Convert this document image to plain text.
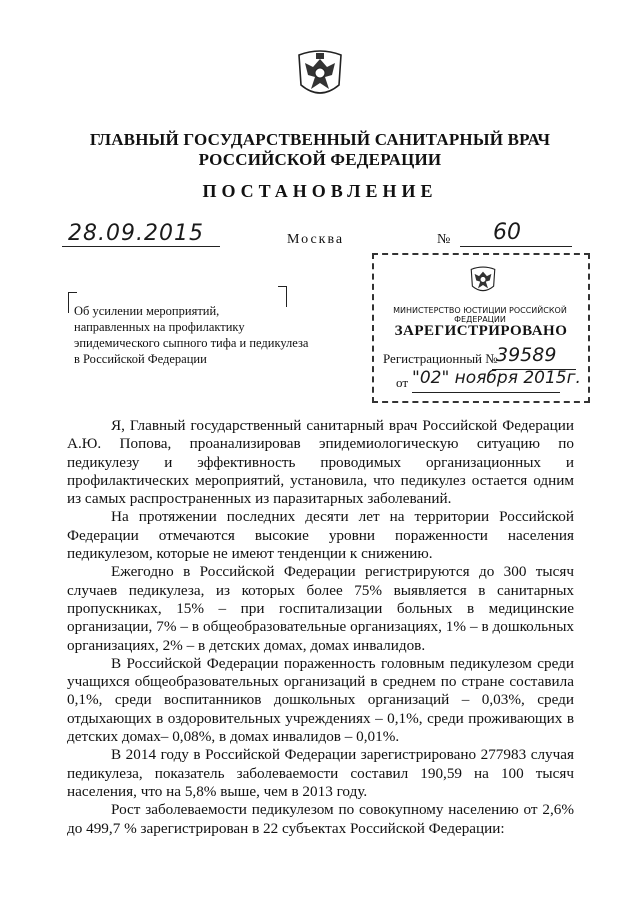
ГЛАВНЫЙ ГОСУДАРСТВЕННЫЙ САНИТАРНЫЙ ВРАЧ
РОССИЙСКОЙ ФЕДЕРАЦИИ
ПОСТАНОВЛЕНИЕ
28.09.2015	Москва	№ 60
Об усилении мероприятий,
направленных на профилактику
эпидемического сыпного тифа и педикулеза
в Российской Федерации
МИНИСТЕРСТВО ЮСТИЦИИ РОССИЙСКОЙ ФЕДЕРАЦИИ
ЗАРЕГИСТРИРОВАНО
Регистрационный №
39589
от "02" ноября 2015г.

Я, Главный государственный санитарный врач Российской Федерации А.Ю. Попова, проанализировав эпидемиологическую ситуацию по педикулезу и эффективность проводимых организационных и профилактических мероприятий, установила, что педикулез остается одним из самых распространенных из паразитарных заболеваний.

На протяжении последних десяти лет на территории Российской Федерации отмечаются высокие уровни пораженности населения педикулезом, которые не имеют тенденции к снижению.

Ежегодно в Российской Федерации регистрируются до 300 тысяч случаев педикулеза, из которых более 75% выявляется в санитарных пропускниках, 15% – при госпитализации больных в медицинские организации, 7% – в общеобразовательные организациях, 1% – в дошкольных организациях, 2% – в детских домах, домах инвалидов.

В Российской Федерации пораженность головным педикулезом среди учащихся общеобразовательных организаций в среднем по стране составила 0,1%, среди воспитанников дошкольных организаций – 0,03%, среди отдыхающих в оздоровительных учреждениях – 0,1%, среди проживающих в детских домах– 0,08%, в домах инвалидов – 0,01%.

В 2014 году в Российской Федерации зарегистрировано 277983 случая педикулеза, показатель заболеваемости составил 190,59 на 100 тысяч населения, что на 5,8% выше, чем в 2013 году.

Рост заболеваемости педикулезом по совокупному населению от 2,6% до 499,7 % зарегистрирован в 22 субъектах Российской Федерации:
